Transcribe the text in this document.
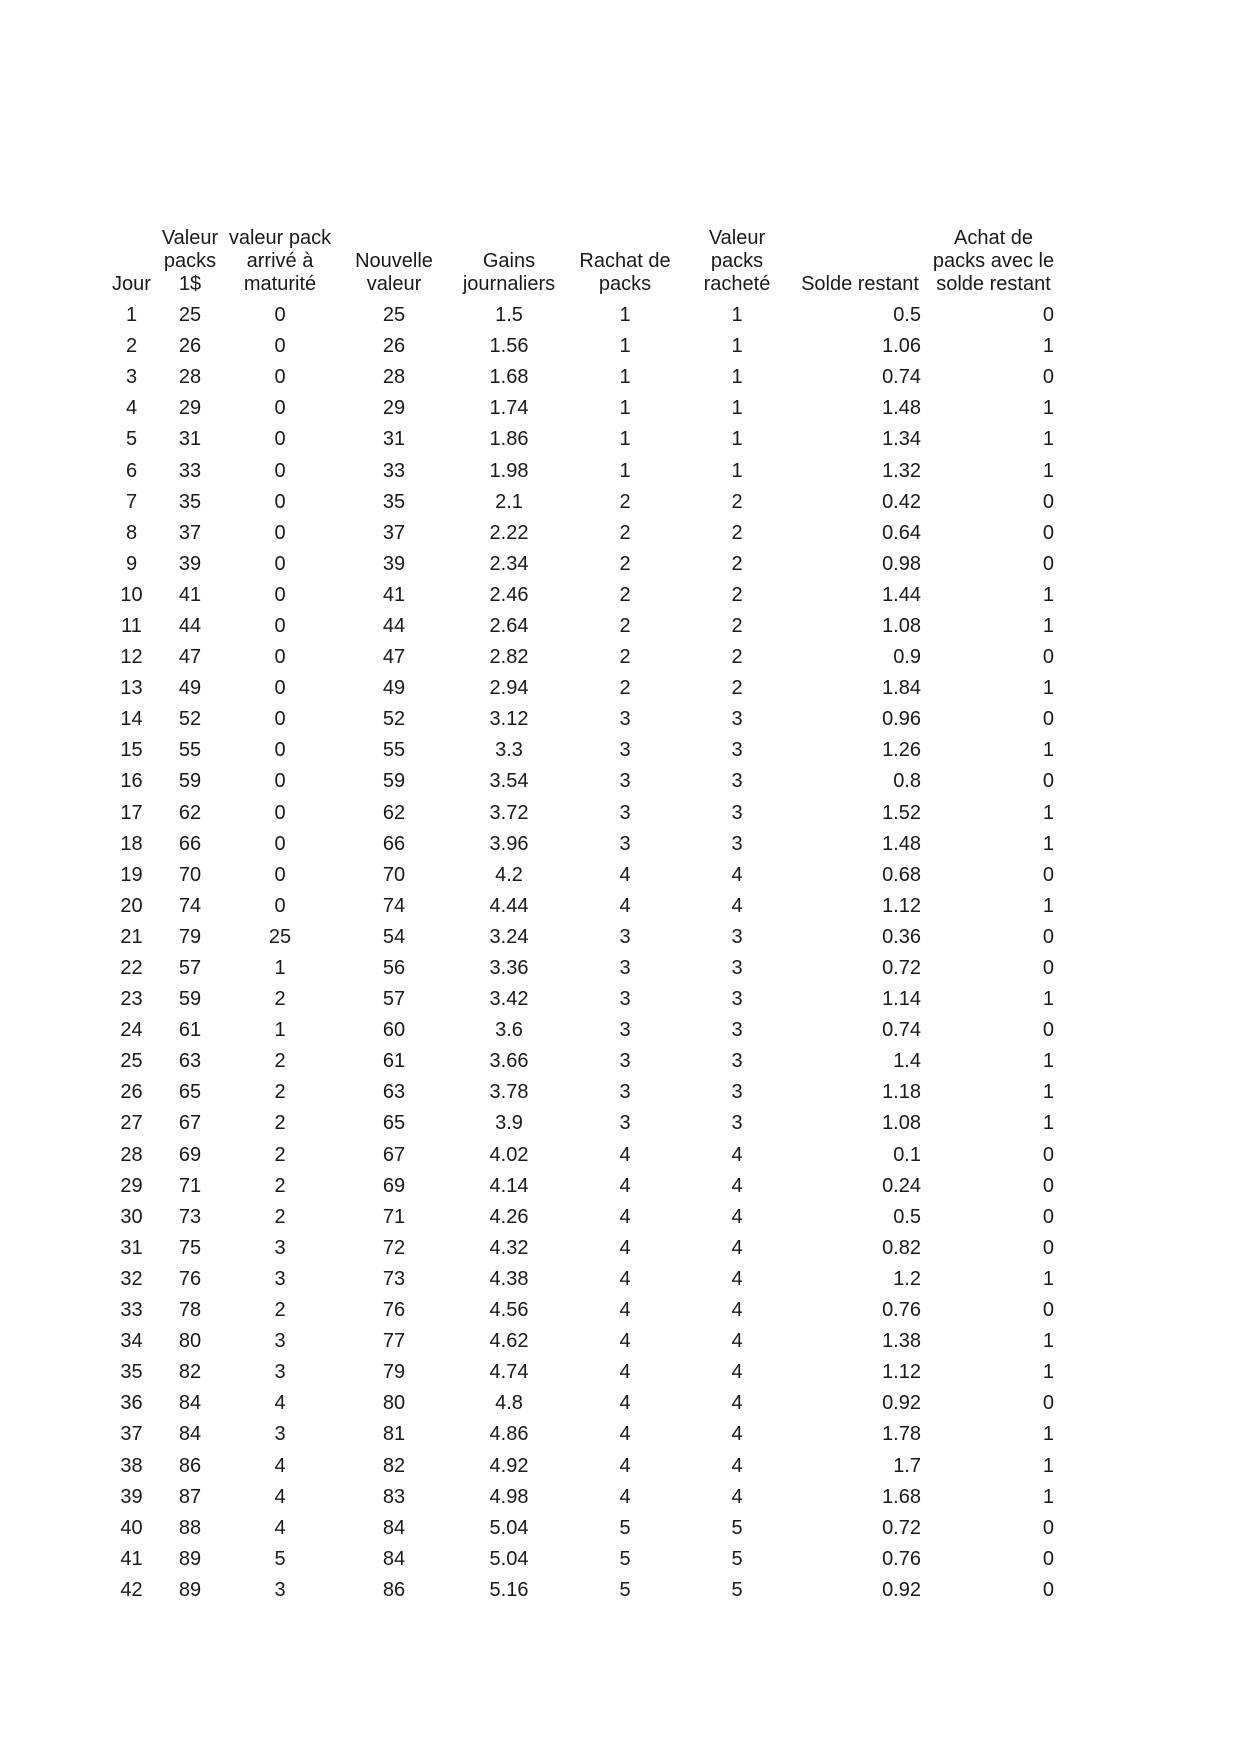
Jour	Valeur packs 1$	valeur pack arrivé à maturité	Nouvelle valeur	Gains journaliers	Rachat de packs	Valeur packs racheté	Solde restant	Achat de packs avec le solde restant
1	25	0	25	1.5	1	1	0.5	0
2	26	0	26	1.56	1	1	1.06	1
3	28	0	28	1.68	1	1	0.74	0
4	29	0	29	1.74	1	1	1.48	1
5	31	0	31	1.86	1	1	1.34	1
6	33	0	33	1.98	1	1	1.32	1
7	35	0	35	2.1	2	2	0.42	0
8	37	0	37	2.22	2	2	0.64	0
9	39	0	39	2.34	2	2	0.98	0
10	41	0	41	2.46	2	2	1.44	1
11	44	0	44	2.64	2	2	1.08	1
12	47	0	47	2.82	2	2	0.9	0
13	49	0	49	2.94	2	2	1.84	1
14	52	0	52	3.12	3	3	0.96	0
15	55	0	55	3.3	3	3	1.26	1
16	59	0	59	3.54	3	3	0.8	0
17	62	0	62	3.72	3	3	1.52	1
18	66	0	66	3.96	3	3	1.48	1
19	70	0	70	4.2	4	4	0.68	0
20	74	0	74	4.44	4	4	1.12	1
21	79	25	54	3.24	3	3	0.36	0
22	57	1	56	3.36	3	3	0.72	0
23	59	2	57	3.42	3	3	1.14	1
24	61	1	60	3.6	3	3	0.74	0
25	63	2	61	3.66	3	3	1.4	1
26	65	2	63	3.78	3	3	1.18	1
27	67	2	65	3.9	3	3	1.08	1
28	69	2	67	4.02	4	4	0.1	0
29	71	2	69	4.14	4	4	0.24	0
30	73	2	71	4.26	4	4	0.5	0
31	75	3	72	4.32	4	4	0.82	0
32	76	3	73	4.38	4	4	1.2	1
33	78	2	76	4.56	4	4	0.76	0
34	80	3	77	4.62	4	4	1.38	1
35	82	3	79	4.74	4	4	1.12	1
36	84	4	80	4.8	4	4	0.92	0
37	84	3	81	4.86	4	4	1.78	1
38	86	4	82	4.92	4	4	1.7	1
39	87	4	83	4.98	4	4	1.68	1
40	88	4	84	5.04	5	5	0.72	0
41	89	5	84	5.04	5	5	0.76	0
42	89	3	86	5.16	5	5	0.92	0
